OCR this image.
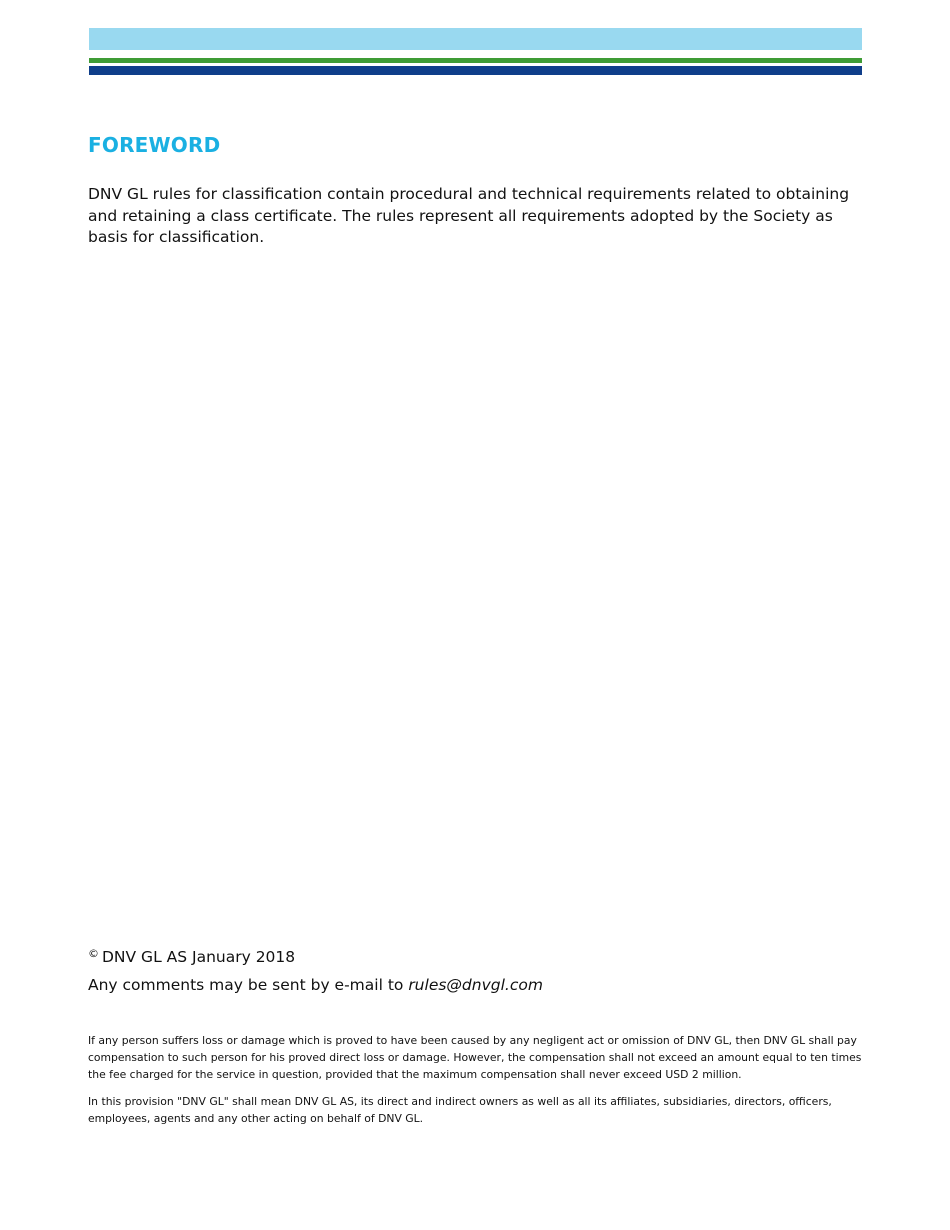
FOREWORD

DNV GL rules for classification contain procedural and technical requirements related to obtaining and retaining a class certificate. The rules represent all requirements adopted by the Society as basis for classification.

© DNV GL AS January 2018

Any comments may be sent by e-mail to rules@dnvgl.com

If any person suffers loss or damage which is proved to have been caused by any negligent act or omission of DNV GL, then DNV GL shall pay compensation to such person for his proved direct loss or damage. However, the compensation shall not exceed an amount equal to ten times the fee charged for the service in question, provided that the maximum compensation shall never exceed USD 2 million.

In this provision "DNV GL" shall mean DNV GL AS, its direct and indirect owners as well as all its affiliates, subsidiaries, directors, officers, employees, agents and any other acting on behalf of DNV GL.
